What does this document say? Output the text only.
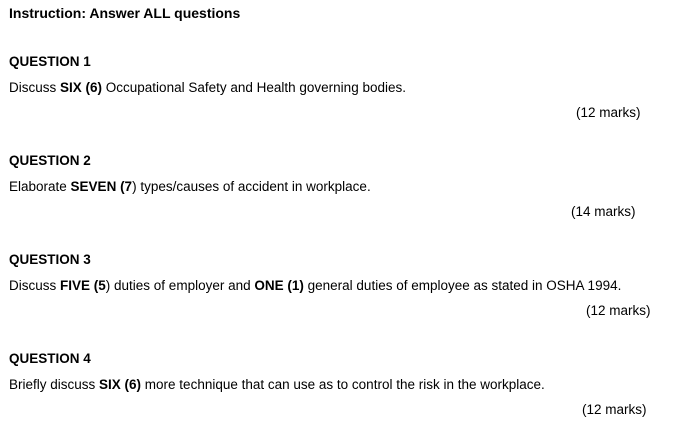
Instruction: Answer ALL questions

QUESTION 1

Discuss SIX (6) Occupational Safety and Health governing bodies.

(12 marks)

QUESTION 2

Elaborate SEVEN (7) types/causes of accident in workplace.

(14 marks)

QUESTION 3

Discuss FIVE (5) duties of employer and ONE (1) general duties of employee as stated in OSHA 1994.

(12 marks)

QUESTION 4

Briefly discuss SIX (6) more technique that can use as to control the risk in the workplace.

(12 marks)
